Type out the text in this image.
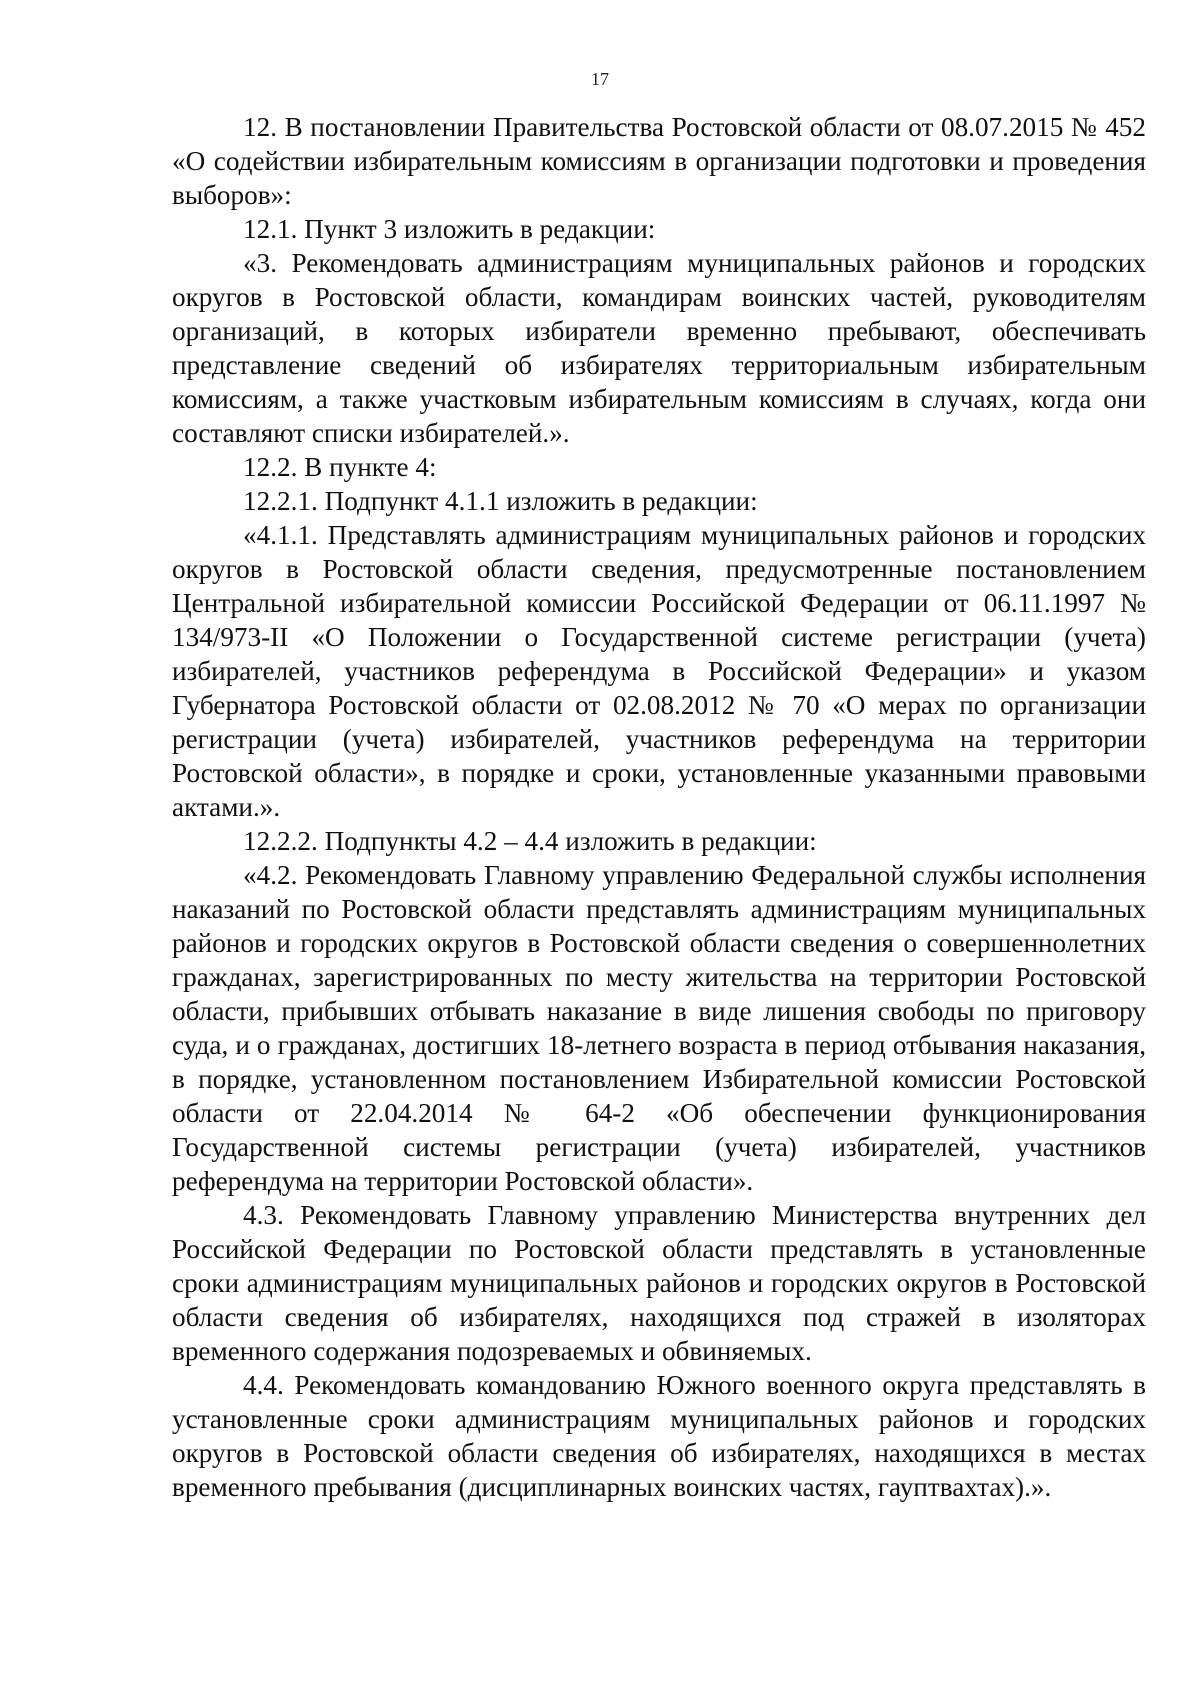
17

12. В постановлении Правительства Ростовской области от 08.07.2015 № 452 «О содействии избирательным комиссиям в организации подготовки и проведения выборов»:

12.1. Пункт 3 изложить в редакции:

«3. Рекомендовать администрациям муниципальных районов и городских округов в Ростовской области, командирам воинских частей, руководителям организаций, в которых избиратели временно пребывают, обеспечивать представление сведений об избирателях территориальным избирательным комиссиям, а также участковым избирательным комиссиям в случаях, когда они составляют списки избирателей.».

12.2. В пункте 4:

12.2.1. Подпункт 4.1.1 изложить в редакции:

«4.1.1. Представлять администрациям муниципальных районов и городских округов в Ростовской области сведения, предусмотренные постановлением Центральной избирательной комиссии Российской Федерации от 06.11.1997 № 134/973-II «О Положении о Государственной системе регистрации (учета) избирателей, участников референдума в Российской Федерации» и указом Губернатора Ростовской области от 02.08.2012 № 70 «О мерах по организации регистрации (учета) избирателей, участников референдума на территории Ростовской области», в порядке и сроки, установленные указанными правовыми актами.».

12.2.2. Подпункты 4.2 – 4.4 изложить в редакции:

«4.2. Рекомендовать Главному управлению Федеральной службы исполнения наказаний по Ростовской области представлять администрациям муниципальных районов и городских округов в Ростовской области сведения о совершеннолетних гражданах, зарегистрированных по месту жительства на территории Ростовской области, прибывших отбывать наказание в виде лишения свободы по приговору суда, и о гражданах, достигших 18-летнего возраста в период отбывания наказания, в порядке, установленном постановлением Избирательной комиссии Ростовской области от 22.04.2014 № 64-2 «Об обеспечении функционирования Государственной системы регистрации (учета) избирателей, участников референдума на территории Ростовской области».

4.3. Рекомендовать Главному управлению Министерства внутренних дел Российской Федерации по Ростовской области представлять в установленные сроки администрациям муниципальных районов и городских округов в Ростовской области сведения об избирателях, находящихся под стражей в изоляторах временного содержания подозреваемых и обвиняемых.

4.4. Рекомендовать командованию Южного военного округа представлять в установленные сроки администрациям муниципальных районов и городских округов в Ростовской области сведения об избирателях, находящихся в местах временного пребывания (дисциплинарных воинских частях, гауптвахтах).».
